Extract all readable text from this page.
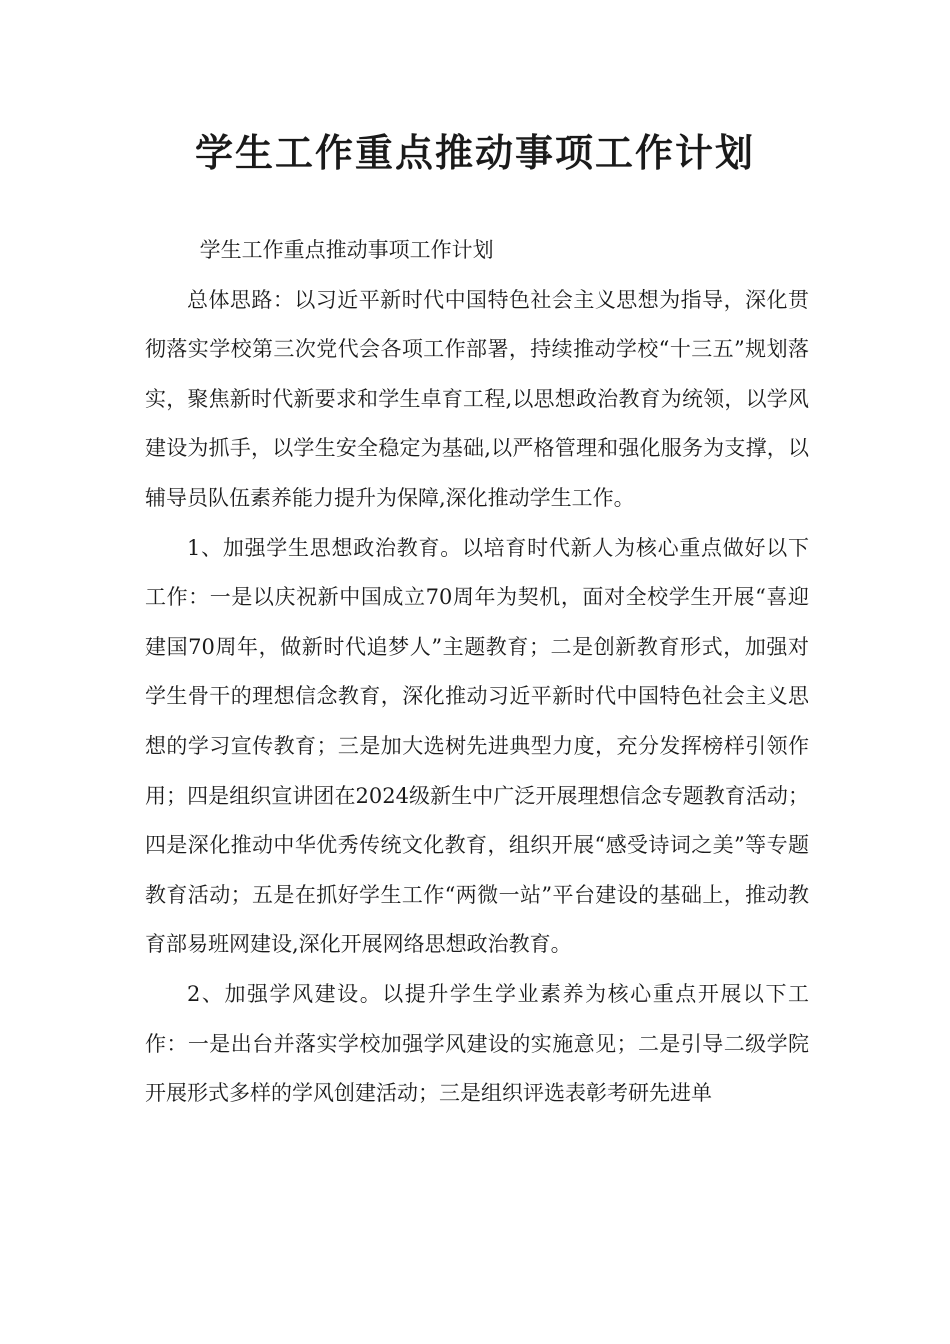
学生工作重点推动事项工作计划

学生工作重点推动事项工作计划

总体思路：以习近平新时代中国特色社会主义思想为指导，深化贯彻落实学校第三次党代会各项工作部署，持续推动学校“十三五”规划落实，聚焦新时代新要求和学生卓育工程,以思想政治教育为统领，以学风建设为抓手，以学生安全稳定为基础,以严格管理和强化服务为支撑，以辅导员队伍素养能力提升为保障,深化推动学生工作。

1、加强学生思想政治教育。以培育时代新人为核心重点做好以下工作：一是以庆祝新中国成立70周年为契机，面对全校学生开展“喜迎建国70周年，做新时代追梦人”主题教育；二是创新教育形式，加强对学生骨干的理想信念教育，深化推动习近平新时代中国特色社会主义思想的学习宣传教育；三是加大选树先进典型力度，充分发挥榜样引领作用；四是组织宣讲团在2024级新生中广泛开展理想信念专题教育活动；四是深化推动中华优秀传统文化教育，组织开展“感受诗词之美”等专题教育活动；五是在抓好学生工作“两微一站”平台建设的基础上，推动教育部易班网建设,深化开展网络思想政治教育。

2、加强学风建设。以提升学生学业素养为核心重点开展以下工作：一是出台并落实学校加强学风建设的实施意见；二是引导二级学院开展形式多样的学风创建活动；三是组织评选表彰考研先进单
